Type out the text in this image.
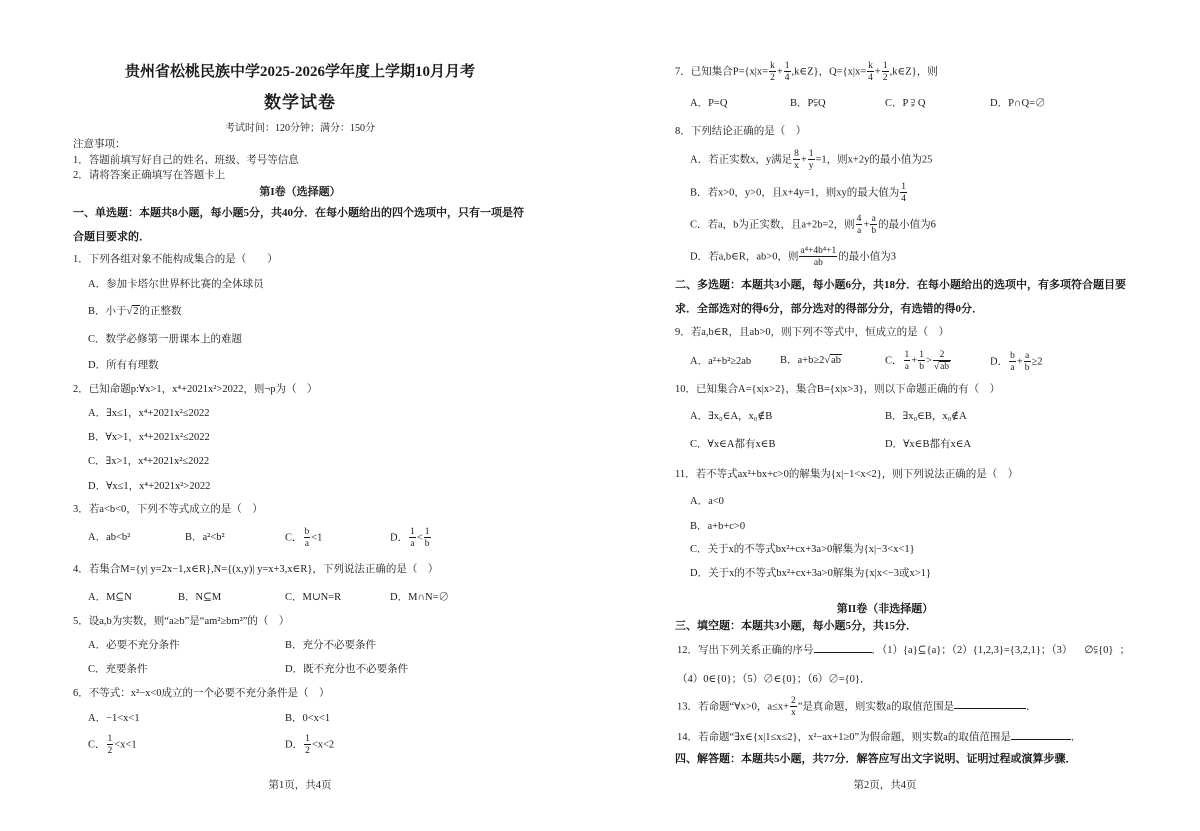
贵州省松桃民族中学2025-2026学年度上学期10月月考
数学试卷
考试时间：120分钟；满分：150分
注意事项：
1．答题前填写好自己的姓名、班级、考号等信息
2．请将答案正确填写在答题卡上
第I卷（选择题）
一、单选题：本题共8小题，每小题5分，共40分．在每小题给出的四个选项中，只有一项是符
合题目要求的．
1．下列各组对象不能构成集合的是（　　）
A．参加卡塔尔世界杯比赛的全体球员
B．小于√2的正整数
C．数学必修第一册课本上的难题
D．所有有理数
2．已知命题p:∀x>1，x⁴+2021x²>2022，则¬p为（　）
A．∃x≤1，x⁴+2021x²≤2022
B．∀x>1，x⁴+2021x²≤2022
C．∃x>1，x⁴+2021x²≤2022
D．∀x≤1，x⁴+2021x²>2022
3．若a<b<0，下列不等式成立的是（　）
A．ab<b²	B．a²<b²	C． $\frac{b}{a} <1$	D． $\frac{1}{a} < \frac{1}{b}$
4．若集合M={y| y=2x−1,x∈R},N={(x,y)| y=x+3,x∈R}，下列说法正确的是（　）
A．M⊆N	B．N⊆M	C．M∪N=R	D．M∩N=∅
5．设a,b为实数，则“a≥b”是“am²≥bm²”的（　）
A．必要不充分条件	B．充分不必要条件
C．充要条件	D．既不充分也不必要条件
6．不等式：x²−x<0成立的一个必要不充分条件是（　）
A．−1<x<1	B．0<x<1
C． $\frac{1}{2} <x<1$	D． $\frac{1}{2} <x<2$
第1页，共4页
7．已知集合$P=\{x|x= \frac{k}{2} + \frac{1}{4}$ ,k∈Z}，$Q=\{x|x= \frac{k}{4} + \frac{1}{2}$ ,k∈Z}，则
A．P=Q	B．P⫋Q	C．P ⫌ Q	D．P∩Q=∅
8．下列结论正确的是（　）
A．若正实数x，y满足 $\frac{8}{x} + \frac{1}{y} =1$，则x+2y的最小值为25
B．若x>0，y>0，且x+4y=1，则xy的最大值为 $\frac{1}{4}$
C．若a，b为正实数，且a+2b=2，则 $\frac{4}{a} + \frac{a}{b}$ 的最小值为6
D．若a,b∈R，ab>0，则 $\frac{\text{a⁴+4b⁴+1}}{ab}$ 的最小值为3
二、多选题：本题共3小题，每小题6分，共18分．在每小题给出的选项中，有多项符合题目要
求．全部选对的得6分，部分选对的得部分分，有选错的得0分．
9．若a,b∈R，且ab>0，则下列不等式中，恒成立的是（　）
A．a²+b²≥2ab	B．a+b≥2√ab	C． $\frac{1}{a} + \frac{1}{b} > \frac{2}{√ab}$	D． $\frac{b}{a} + \frac{a}{b} \ge 2$
10．已知集合A={x|x>2}，集合B={x|x>3}，则以下命题正确的有（　）
A．∃x₀∈A，x₀∉B	B．∃x₀∈B，x₀∉A
C．∀x∈A都有x∈B	D．∀x∈B都有x∈A
11．若不等式ax²+bx+c>0的解集为{x|−1<x<2}，则下列说法正确的是（　）
A．a<0
B．a+b+c>0
C．关于x的不等式bx²+cx+3a>0解集为{x|−3<x<1}
D．关于x的不等式bx²+cx+3a>0解集为{x|x<−3或x>1}
第II卷（非选择题）
三、填空题：本题共3小题，每小题5分，共15分．
12．写出下列关系正确的序号	．（1）{a}⊆{a}；（2）{1,2,3}={3,2,1}；（3） ∅⫋{0} ；
（4）0∈{0}；（5）∅∈{0}；（6）∅={0}．
13．若命题“∀x>0，$a\le x+ \frac{2}{x}$ ”是真命题，则实数a的取值范围是	．
14．若命题“∃x∈{x|1≤x≤2}，x²−ax+1≥0”为假命题，则实数a的取值范围是	．
四、解答题：本题共5小题，共77分．解答应写出文字说明、证明过程或演算步骤．
第2页，共4页
